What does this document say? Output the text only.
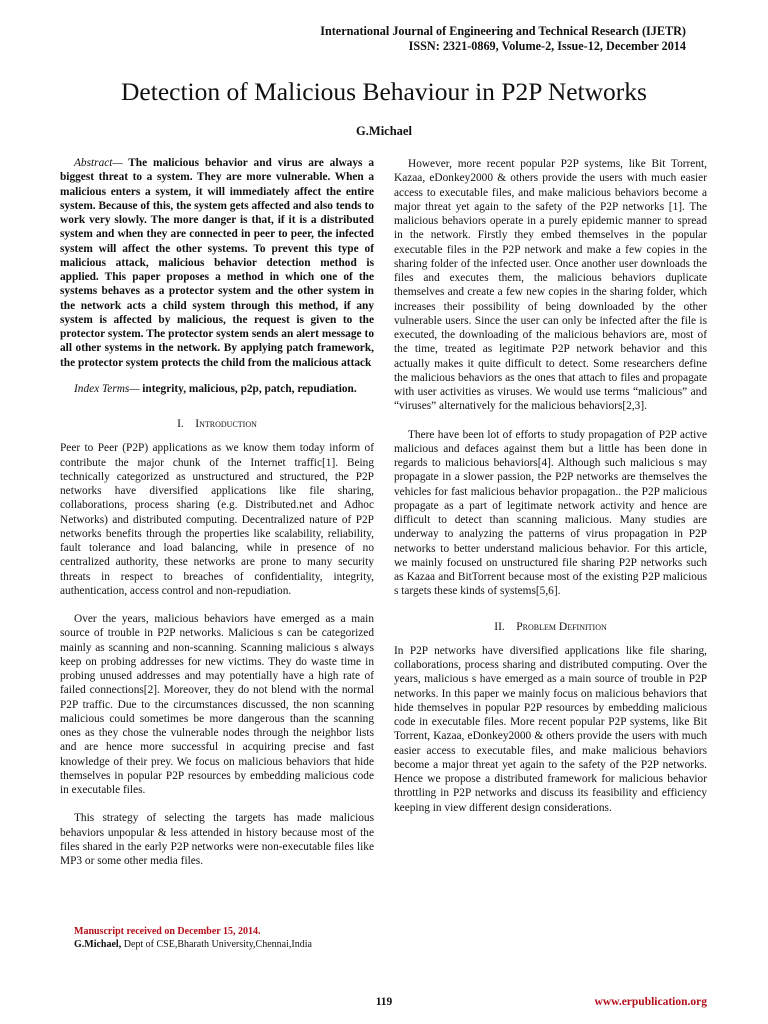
International Journal of Engineering and Technical Research (IJETR)
ISSN: 2321-0869, Volume-2, Issue-12, December 2014
Detection of Malicious Behaviour in P2P Networks
G.Michael

Abstract— The malicious behavior and virus are always a biggest threat to a system. They are more vulnerable. When a malicious enters a system, it will immediately affect the entire system. Because of this, the system gets affected and also tends to work very slowly. The more danger is that, if it is a distributed system and when they are connected in peer to peer, the infected system will affect the other systems. To prevent this type of malicious attack, malicious behavior detection method is applied. This paper proposes a method in which one of the systems behaves as a protector system and the other system in the network acts a child system through this method, if any system is affected by malicious, the request is given to the protector system. The protector system sends an alert message to all other systems in the network. By applying patch framework, the protector system protects the child from the malicious attack

Index Terms— integrity, malicious, p2p, patch, repudiation.

I. Introduction

Peer to Peer (P2P) applications as we know them today inform of contribute the major chunk of the Internet traffic[1]. Being technically categorized as unstructured and structured, the P2P networks have diversified applications like file sharing, collaborations, process sharing (e.g. Distributed.net and Adhoc Networks) and distributed computing. Decentralized nature of P2P networks benefits through the properties like scalability, reliability, fault tolerance and load balancing, while in presence of no centralized authority, these networks are prone to many security threats in respect to breaches of confidentiality, integrity, authentication, access control and non-repudiation.

Over the years, malicious behaviors have emerged as a main source of trouble in P2P networks. Malicious s can be categorized mainly as scanning and non-scanning. Scanning malicious s always keep on probing addresses for new victims. They do waste time in probing unused addresses and may potentially have a high rate of failed connections[2]. Moreover, they do not blend with the normal P2P traffic. Due to the circumstances discussed, the non scanning malicious could sometimes be more dangerous than the scanning ones as they chose the vulnerable nodes through the neighbor lists and are hence more successful in acquiring precise and fast knowledge of their prey. We focus on malicious behaviors that hide themselves in popular P2P resources by embedding malicious code in executable files.

This strategy of selecting the targets has made malicious behaviors unpopular & less attended in history because most of the files shared in the early P2P networks were non-executable files like MP3 or some other media files.

However, more recent popular P2P systems, like Bit Torrent, Kazaa, eDonkey2000 & others provide the users with much easier access to executable files, and make malicious behaviors become a major threat yet again to the safety of the P2P networks [1]. The malicious behaviors operate in a purely epidemic manner to spread in the network. Firstly they embed themselves in the popular executable files in the P2P network and make a few copies in the sharing folder of the infected user. Once another user downloads the files and executes them, the malicious behaviors duplicate themselves and create a few new copies in the sharing folder, which increases their possibility of being downloaded by the other vulnerable users. Since the user can only be infected after the file is executed, the downloading of the malicious behaviors are, most of the time, treated as legitimate P2P network behavior and this actually makes it quite difficult to detect. Some researchers define the malicious behaviors as the ones that attach to files and propagate with user activities as viruses. We would use terms “malicious” and “viruses” alternatively for the malicious behaviors[2,3].

There have been lot of efforts to study propagation of P2P active malicious and defaces against them but a little has been done in regards to malicious behaviors[4]. Although such malicious s may propagate in a slower passion, the P2P networks are themselves the vehicles for fast malicious behavior propagation.. the P2P malicious propagate as a part of legitimate network activity and hence are difficult to detect than scanning malicious. Many studies are underway to analyzing the patterns of virus propagation in P2P networks to better understand malicious behavior. For this article, we mainly focused on unstructured file sharing P2P networks such as Kazaa and BitTorrent because most of the existing P2P malicious s targets these kinds of systems[5,6].

II. Problem Definition

In P2P networks have diversified applications like file sharing, collaborations, process sharing and distributed computing. Over the years, malicious s have emerged as a main source of trouble in P2P networks. In this paper we mainly focus on malicious behaviors that hide themselves in popular P2P resources by embedding malicious code in executable files. More recent popular P2P systems, like Bit Torrent, Kazaa, eDonkey2000 & others provide the users with much easier access to executable files, and make malicious behaviors become a major threat yet again to the safety of the P2P networks. Hence we propose a distributed framework for malicious behavior throttling in P2P networks and discuss its feasibility and efficiency keeping in view different design considerations.

Manuscript received on December 15, 2014.
G.Michael, Dept of CSE,Bharath University,Chennai,India
119	www.erpublication.org
